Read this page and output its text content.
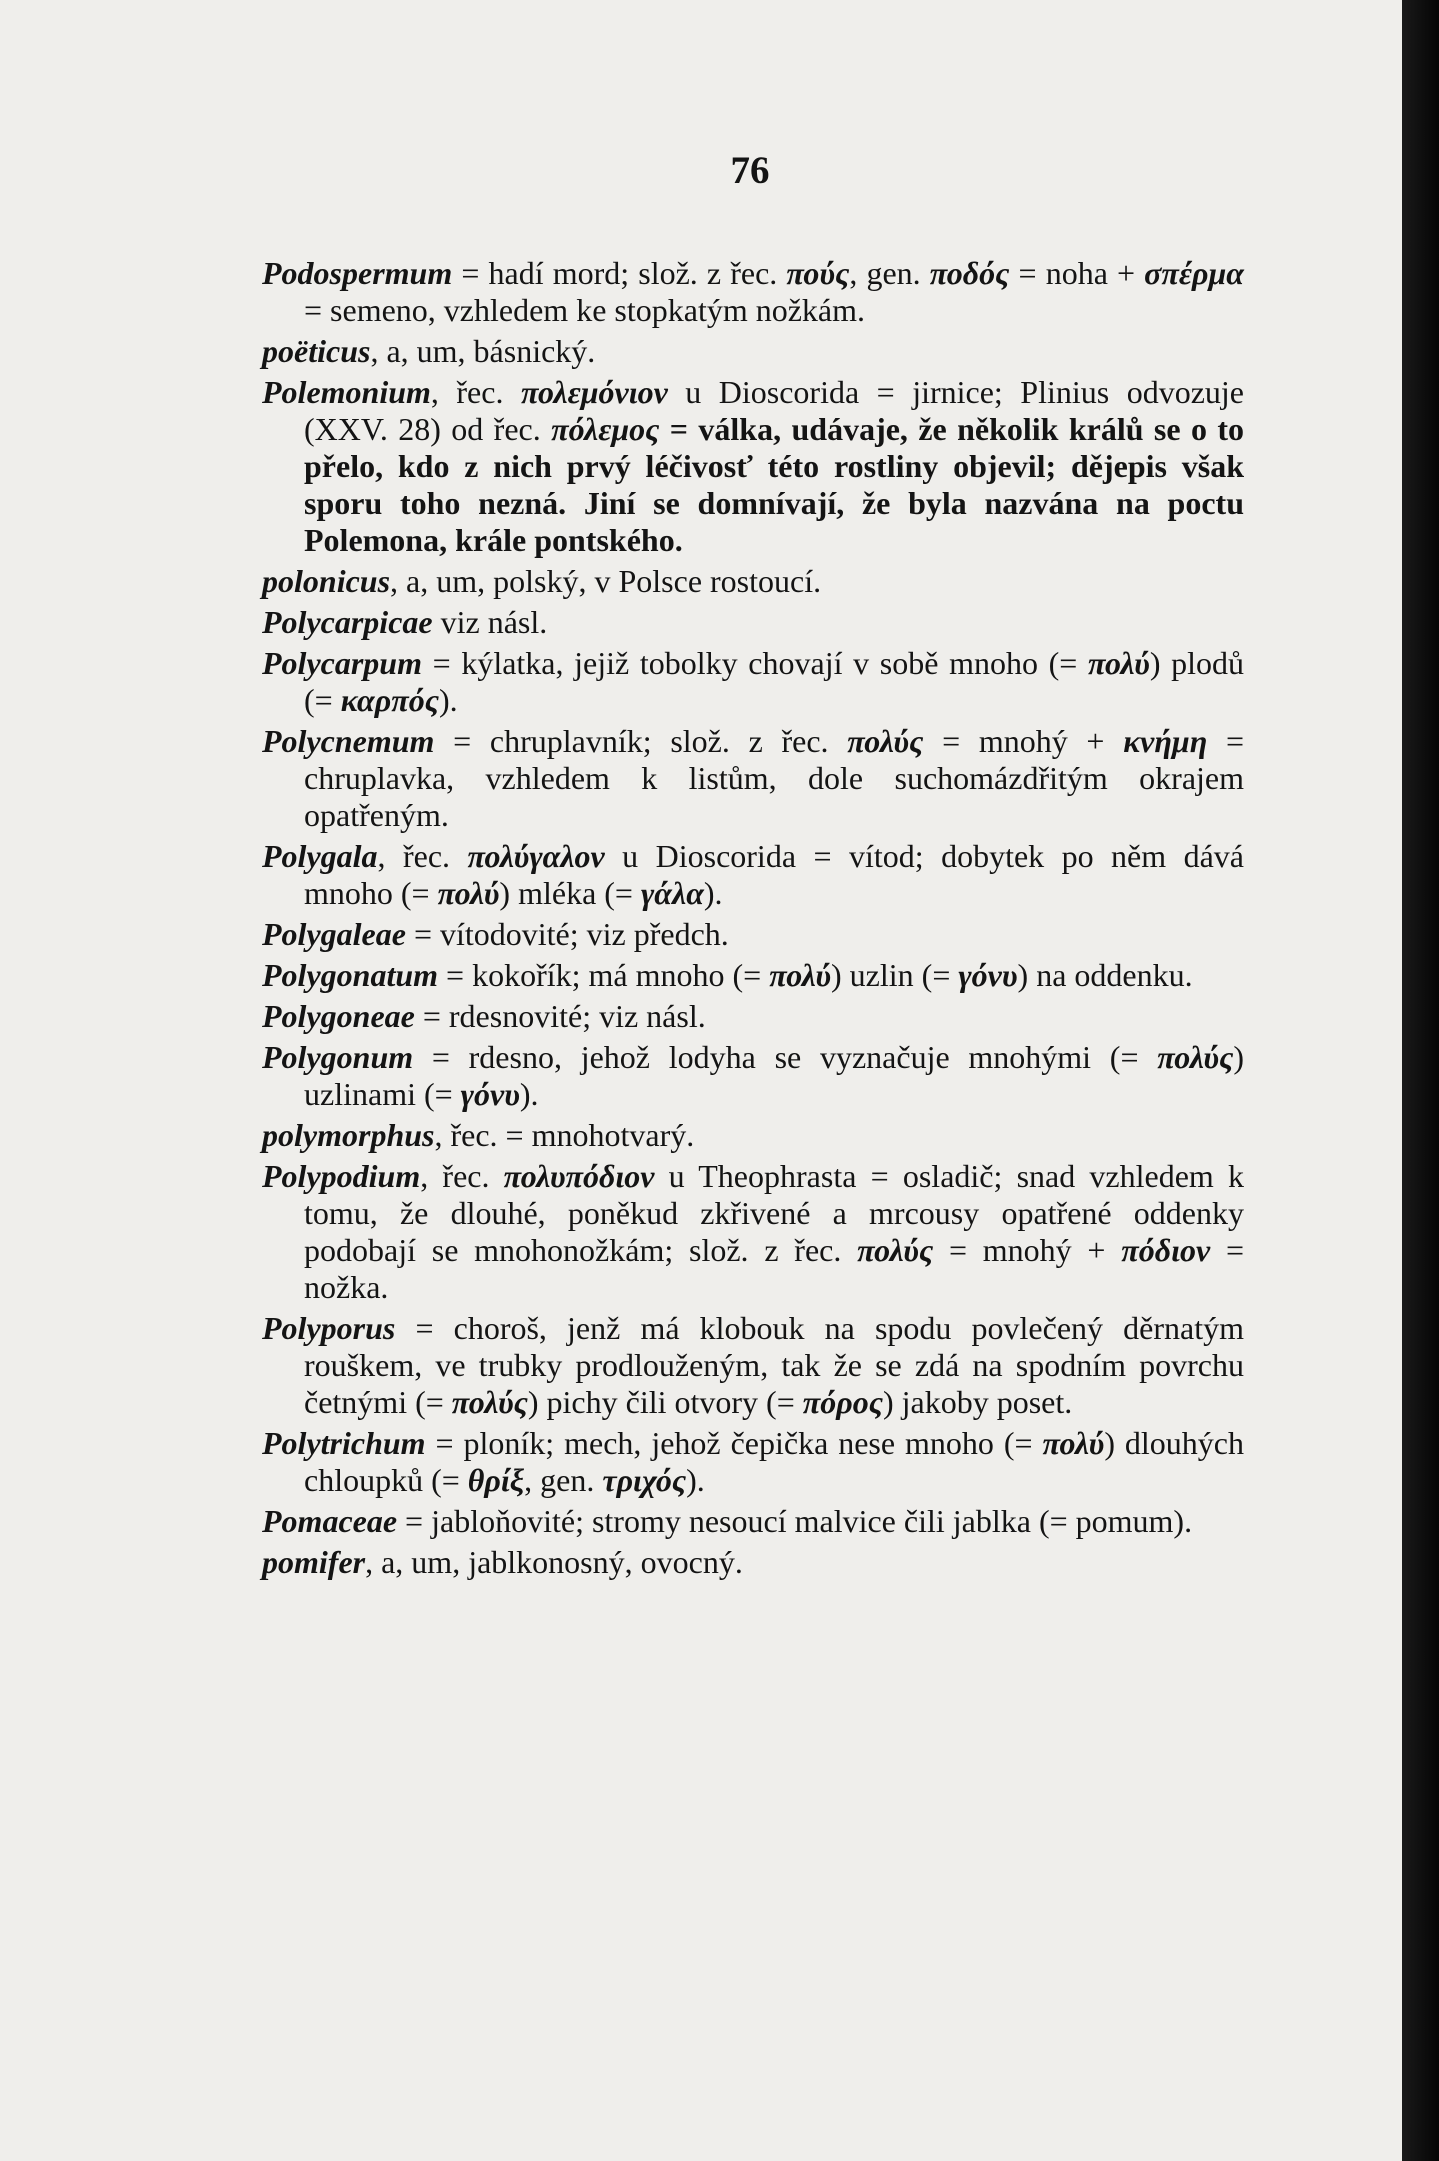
76

Podospermum = hadí mord; slož. z řec. πούς, gen. ποδός = noha + σπέρμα = semeno, vzhledem ke stopkatým nožkám.

poëticus, a, um, básnický.

Polemonium, řec. πολεμόνιον u Dioscorida = jirnice; Plinius odvozuje (XXV. 28) od řec. πόλεμος = válka, udávaje, že několik králů se o to přelo, kdo z nich prvý léčivosť této rostliny objevil; dějepis však sporu toho nezná. Jiní se domnívají, že byla nazvána na poctu Polemona, krále pontského.

polonicus, a, um, polský, v Polsce rostoucí.

Polycarpicae viz násl.

Polycarpum = kýlatka, jejiž tobolky chovají v sobě mnoho (= πολύ) plodů (= καρπός).

Polycnemum = chruplavník; slož. z řec. πολύς = mnohý + κνήμη = chruplavka, vzhledem k listům, dole suchomázdřitým okrajem opatřeným.

Polygala, řec. πολύγαλον u Dioscorida = vítod; dobytek po něm dává mnoho (= πολύ) mléka (= γάλα).

Polygaleae = vítodovité; viz předch.

Polygonatum = kokořík; má mnoho (= πολύ) uzlin (= γόνυ) na oddenku.

Polygoneae = rdesnovité; viz násl.

Polygonum = rdesno, jehož lodyha se vyznačuje mnohými (= πολύς) uzlinami (= γόνυ).

polymorphus, řec. = mnohotvarý.

Polypodium, řec. πολυπόδιον u Theophrasta = osladič; snad vzhledem k tomu, že dlouhé, poněkud zkřivené a mrcousy opatřené oddenky podobají se mnohonožkám; slož. z řec. πολύς = mnohý + πόδιον = nožka.

Polyporus = choroš, jenž má klobouk na spodu povlečený děrnatým rouškem, ve trubky prodlouženým, tak že se zdá na spodním povrchu četnými (= πολύς) pichy čili otvory (= πόρος) jakoby poset.

Polytrichum = ploník; mech, jehož čepička nese mnoho (= πολύ) dlouhých chloupků (= θρίξ, gen. τριχός).

Pomaceae = jabloňovité; stromy nesoucí malvice čili jablka (= pomum).

pomifer, a, um, jablkonosný, ovocný.
